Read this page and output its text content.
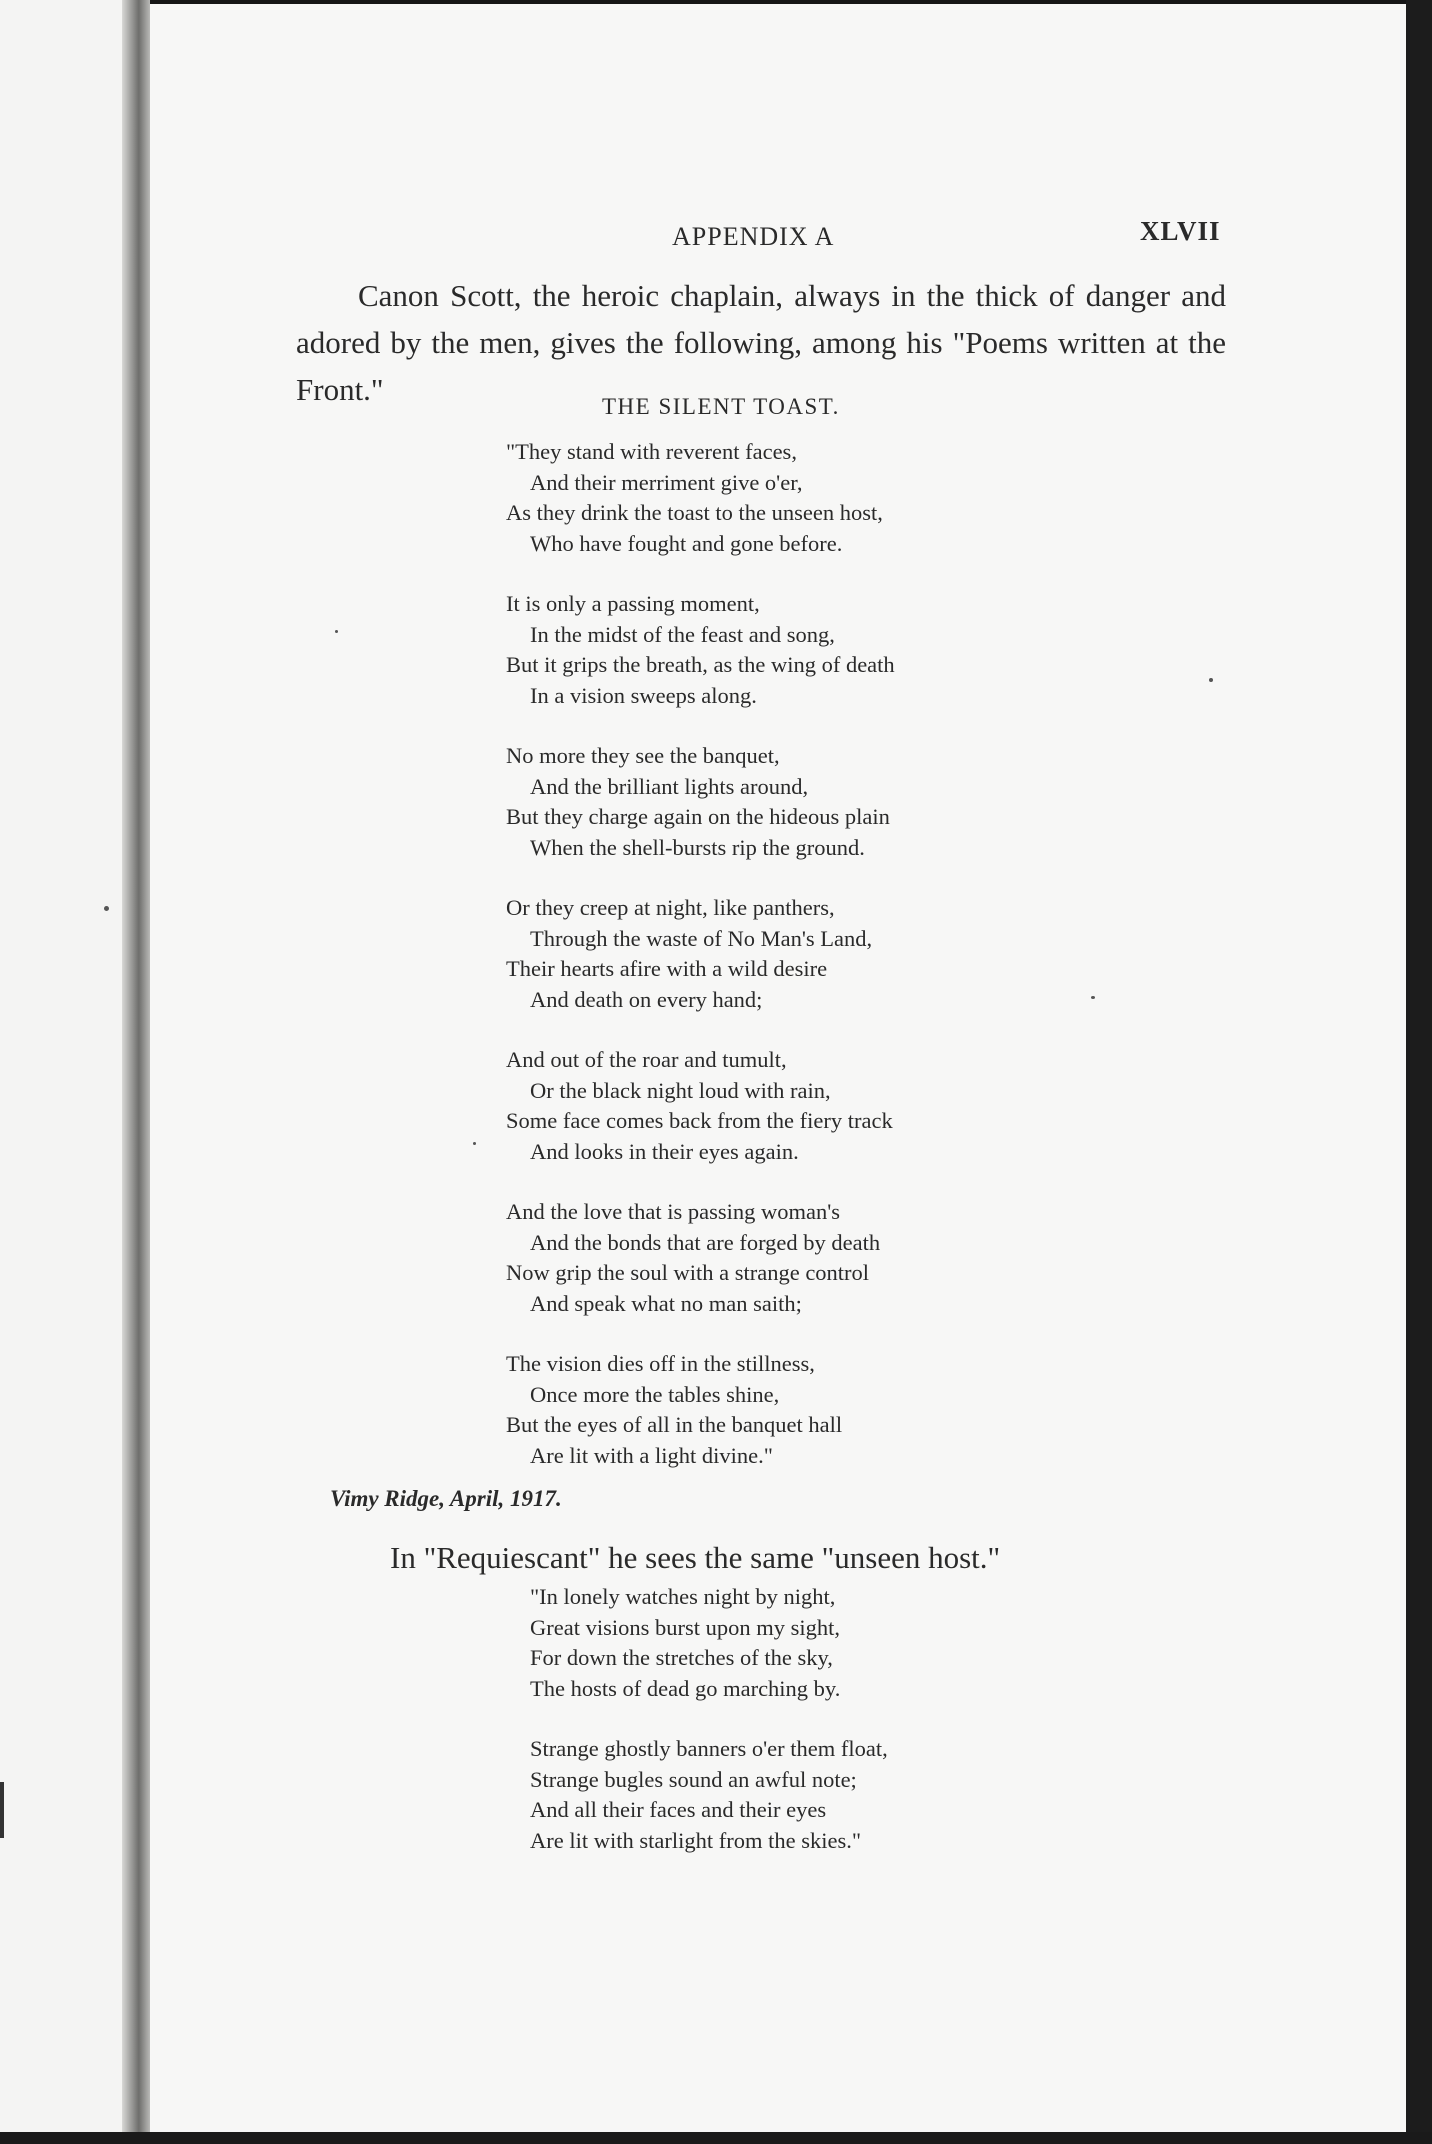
APPENDIX A	XLVII

Canon Scott, the heroic chaplain, always in the thick of danger and adored by the men, gives the following, among his "Poems written at the Front."	THE SILENT TOAST.
"They stand with reverent faces,
And their merriment give o'er,
As they drink the toast to the unseen host,
Who have fought and gone before.
It is only a passing moment,
In the midst of the feast and song,
But it grips the breath, as the wing of death
In a vision sweeps along.
No more they see the banquet,
And the brilliant lights around,
But they charge again on the hideous plain
When the shell-bursts rip the ground.
Or they creep at night, like panthers,
Through the waste of No Man's Land,
Their hearts afire with a wild desire
And death on every hand;
And out of the roar and tumult,
Or the black night loud with rain,
Some face comes back from the fiery track
And looks in their eyes again.
And the love that is passing woman's
And the bonds that are forged by death
Now grip the soul with a strange control
And speak what no man saith;
The vision dies off in the stillness,
Once more the tables shine,
But the eyes of all in the banquet hall
Are lit with a light divine."
Vimy Ridge, April, 1917.
In "Requiescant" he sees the same "unseen host."
"In lonely watches night by night,
Great visions burst upon my sight,
For down the stretches of the sky,
The hosts of dead go marching by.
Strange ghostly banners o'er them float,
Strange bugles sound an awful note;
And all their faces and their eyes
Are lit with starlight from the skies."
